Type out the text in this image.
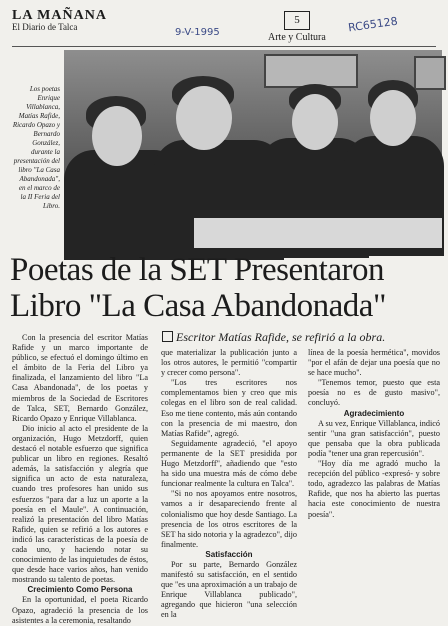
LA MAÑANA
El Diario de Talca
5
Arte y Cultura
9-V-1995	RC65128
Los poetas Enrique Villablanca, Matías Rafide, Ricardo Opazo y Bernardo González, durante la presentación del libro "La Casa Abandonada", en el marco de la II Feria del Libro.
Poetas de la SET Presentaron Libro "La Casa Abandonada"
Escritor Matías Rafide, se refirió a la obra.

Con la presencia del escritor Matías Rafide y un marco importante de público, se efectuó el domingo último en el ámbito de la Feria del Libro ya finalizada, el lanzamiento del libro "La Casa Abandonada", de los poetas y miembros de la Sociedad de Escritores de Talca, SET, Bernardo González, Ricardo Opazo y Enrique Villablanca.

Dio inicio al acto el presidente de la organización, Hugo Metzdorff, quien destacó el notable esfuerzo que significa publicar un libro en regiones. Resaltó además, la satisfacción y alegría que significa un acto de esta naturaleza, cuando tres profesores han unido sus esfuerzos "para dar a luz un aporte a la poesía en el Maule". A continuación, realizó la presentación del libro Matías Rafide, quien se refirió a los autores e indicó las características de la poesía de cada uno, y haciendo notar su conocimiento de las inquietudes de éstos, que desde hace varios años, han venido mostrando su talento de poetas.

Crecimiento Como Persona

En la oportunidad, el poeta Ricardo Opazo, agradeció la presencia de los asistentes a la ceremonia, resaltando

que materializar la publicación junto a los otros autores, le permitió "compartir y crecer como persona".

"Los tres escritores nos complementamos bien y creo que mis colegas en el libro son de real calidad. Eso me tiene contento, más aún contando con la presencia de mi maestro, don Matías Rafide", agregó.

Seguidamente agradeció, "el apoyo permanente de la SET presidida por Hugo Metzdorff", añadiendo que "esto ha sido una muestra más de cómo debe funcionar realmente la cultura en Talca".

"Si no nos apoyamos entre nosotros, vamos a ir desapareciendo frente al colonialismo que hoy desde Santiago. La presencia de los otros escritores de la SET ha sido notoria y la agradezco", dijo finalmente.

Satisfacción

Por su parte, Bernardo González manifestó su satisfacción, en el sentido que "es una aproximación a un trabajo de Enrique Villablanca publicado", agregando que hicieron "una selección en la

línea de la poesía hermética", movidos "por el afán de dejar una poesía que no se hace mucho".

"Tenemos temor, puesto que esta poesía no es de gusto masivo", concluyó.

Agradecimiento

A su vez, Enrique Villablanca, indicó sentir "una gran satisfacción", puesto que pensaba que la obra publicada podía "tener una gran repercusión".

"Hoy día me agradó mucho la recepción del público -expresó- y sobre todo, agradezco las palabras de Matías Rafide, que nos ha abierto las puertas hacia este conocimiento de nuestra poesía".
